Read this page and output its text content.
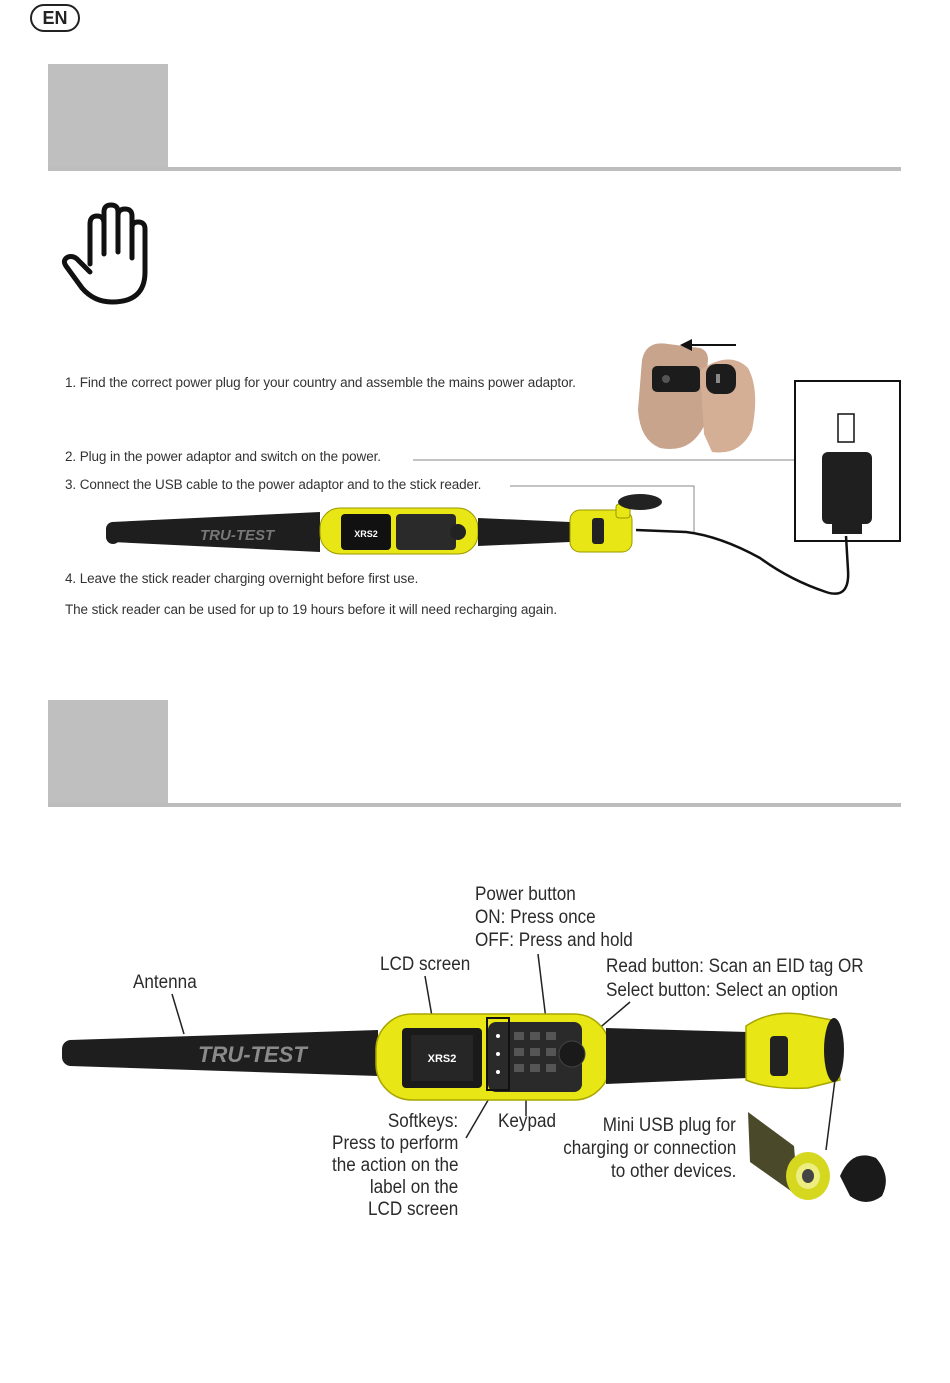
EN
1. Find the correct power plug for your country and assemble the mains power adaptor.
2. Plug in the power adaptor and switch on the power.
3. Connect the USB cable to the power adaptor and to the stick reader.
4. Leave the stick reader charging overnight before first use.
The stick reader can be used for up to 19 hours before it will need recharging again.
TRU-TEST	XRS2
Power button
ON: Press once
OFF: Press and hold
LCD screen	Read button: Scan an EID tag OR
Select button: Select an option
Antenna
Softkeys:
Press to perform
the action on the
label on the
LCD screen
Keypad Mini USB plug for
charging or connection
to other devices.
TRU-TEST	XRS2
